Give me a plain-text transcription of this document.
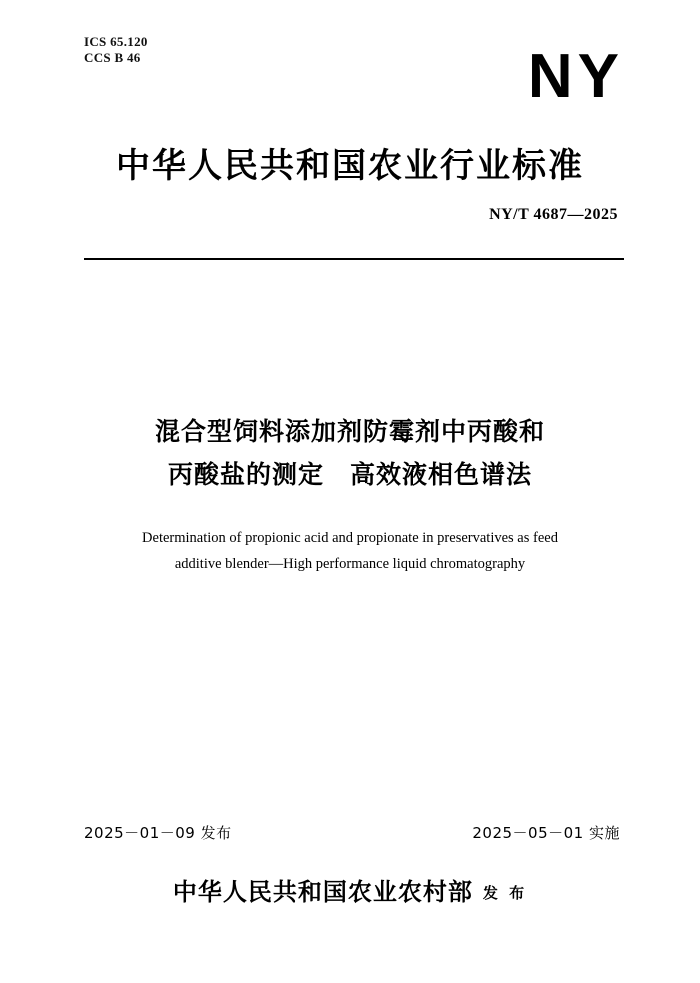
ICS 65.120
CCS B 46	NY
中华人民共和国农业行业标准
NY/T 4687—2025
混合型饲料添加剂防霉剂中丙酸和
丙酸盐的测定　高效液相色谱法
Determination of propionic acid and propionate in preservatives as feed
additive blender—High performance liquid chromatography
2025－01－09 发布	2025－05－01 实施
中华人民共和国农业农村部 发 布
